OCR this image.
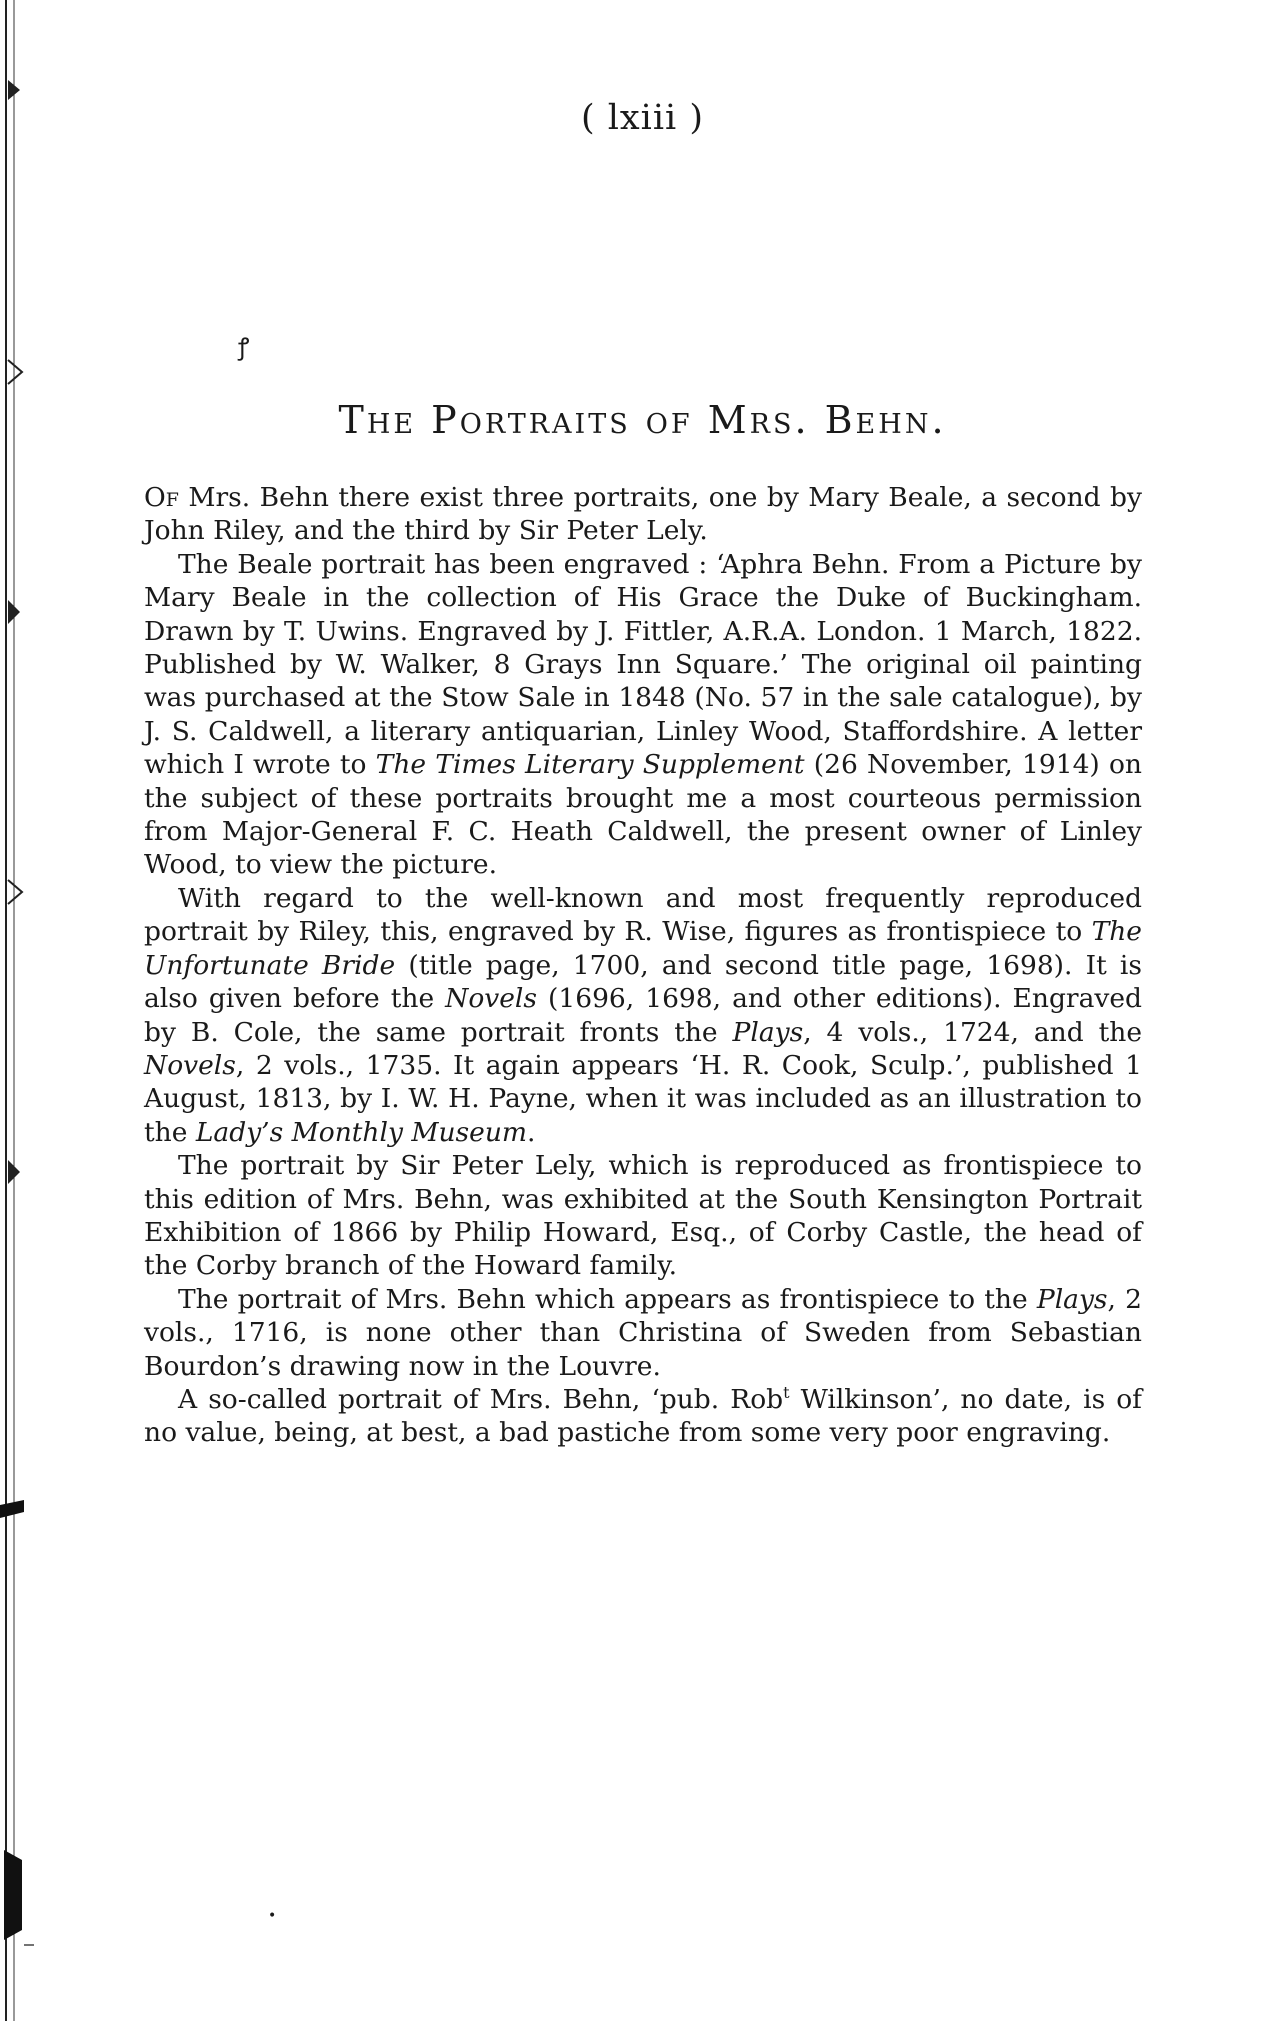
( lxiii )
ꝭ
•
The Portraits of Mrs. Behn.

Of Mrs. Behn there exist three portraits, one by Mary Beale, a second by John Riley, and the third by Sir Peter Lely.

The Beale portrait has been engraved : ‘Aphra Behn. From a Picture by Mary Beale in the collection of His Grace the Duke of Buckingham. Drawn by T. Uwins. Engraved by J. Fittler, A.R.A. London. 1 March, 1822. Published by W. Walker, 8 Grays Inn Square.’ The original oil painting was purchased at the Stow Sale in 1848 (No. 57 in the sale catalogue), by J. S. Caldwell, a literary antiquarian, Linley Wood, Staffordshire. A letter which I wrote to The Times Literary Supplement (26 November, 1914) on the subject of these portraits brought me a most courteous permission from Major-General F. C. Heath Caldwell, the present owner of Linley Wood, to view the picture.

With regard to the well-known and most frequently reproduced portrait by Riley, this, engraved by R. Wise, figures as frontispiece to The Unfortunate Bride (title page, 1700, and second title page, 1698). It is also given before the Novels (1696, 1698, and other editions). Engraved by B. Cole, the same portrait fronts the Plays, 4 vols., 1724, and the Novels, 2 vols., 1735. It again appears ‘H. R. Cook, Sculp.’, published 1 August, 1813, by I. W. H. Payne, when it was included as an illustration to the Lady’s Monthly Museum.

The portrait by Sir Peter Lely, which is reproduced as frontispiece to this edition of Mrs. Behn, was exhibited at the South Kensington Portrait Exhibition of 1866 by Philip Howard, Esq., of Corby Castle, the head of the Corby branch of the Howard family.

The portrait of Mrs. Behn which appears as frontispiece to the Plays, 2 vols., 1716, is none other than Christina of Sweden from Sebastian Bourdon’s drawing now in the Louvre.

A so-called portrait of Mrs. Behn, ‘pub. Rob$^t$ Wilkinson’, no date, is of no value, being, at best, a bad pastiche from some very poor engraving.
